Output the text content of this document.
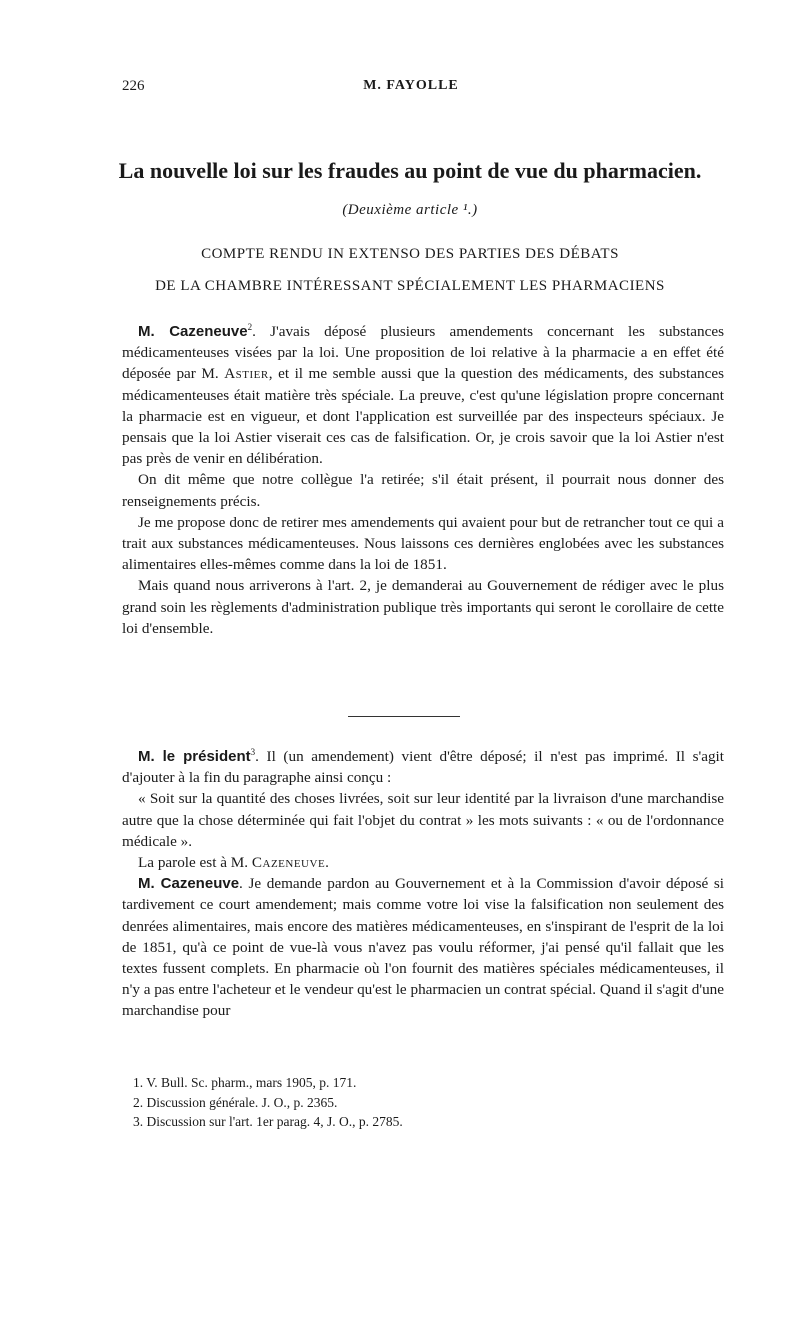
226	M. FAYOLLE
La nouvelle loi sur les fraudes au point de vue du pharmacien.
(Deuxième article ¹.)
COMPTE RENDU IN EXTENSO DES PARTIES DES DÉBATS
DE LA CHAMBRE INTÉRESSANT SPÉCIALEMENT LES PHARMACIENS

M. Cazeneuve$^2$. J'avais déposé plusieurs amendements concernant les substances médicamenteuses visées par la loi. Une proposition de loi relative à la pharmacie a en effet été déposée par M. Astier, et il me semble aussi que la question des médicaments, des substances médicamenteuses était matière très spéciale. La preuve, c'est qu'une législation propre concernant la pharmacie est en vigueur, et dont l'application est surveillée par des inspecteurs spéciaux. Je pensais que la loi Astier viserait ces cas de falsification. Or, je crois savoir que la loi Astier n'est pas près de venir en délibération.

On dit même que notre collègue l'a retirée; s'il était présent, il pourrait nous donner des renseignements précis.

Je me propose donc de retirer mes amendements qui avaient pour but de retrancher tout ce qui a trait aux substances médicamenteuses. Nous laissons ces dernières englobées avec les substances alimentaires elles-mêmes comme dans la loi de 1851.

Mais quand nous arriverons à l'art. 2, je demanderai au Gouvernement de rédiger avec le plus grand soin les règlements d'administration publique très importants qui seront le corollaire de cette loi d'ensemble.

M. le président$^3$. Il (un amendement) vient d'être déposé; il n'est pas imprimé. Il s'agit d'ajouter à la fin du paragraphe ainsi conçu :

« Soit sur la quantité des choses livrées, soit sur leur identité par la livraison d'une marchandise autre que la chose déterminée qui fait l'objet du contrat » les mots suivants : « ou de l'ordonnance médicale ».

La parole est à M. Cazeneuve.

M. Cazeneuve. Je demande pardon au Gouvernement et à la Commission d'avoir déposé si tardivement ce court amendement; mais comme votre loi vise la falsification non seulement des denrées alimentaires, mais encore des matières médicamenteuses, en s'inspirant de l'esprit de la loi de 1851, qu'à ce point de vue-là vous n'avez pas voulu réformer, j'ai pensé qu'il fallait que les textes fussent complets. En pharmacie où l'on fournit des matières spéciales médicamenteuses, il n'y a pas entre l'acheteur et le vendeur qu'est le pharmacien un contrat spécial. Quand il s'agit d'une marchandise pour

1. V. Bull. Sc. pharm., mars 1905, p. 171.

2. Discussion générale. J. O., p. 2365.

3. Discussion sur l'art. 1er parag. 4, J. O., p. 2785.
